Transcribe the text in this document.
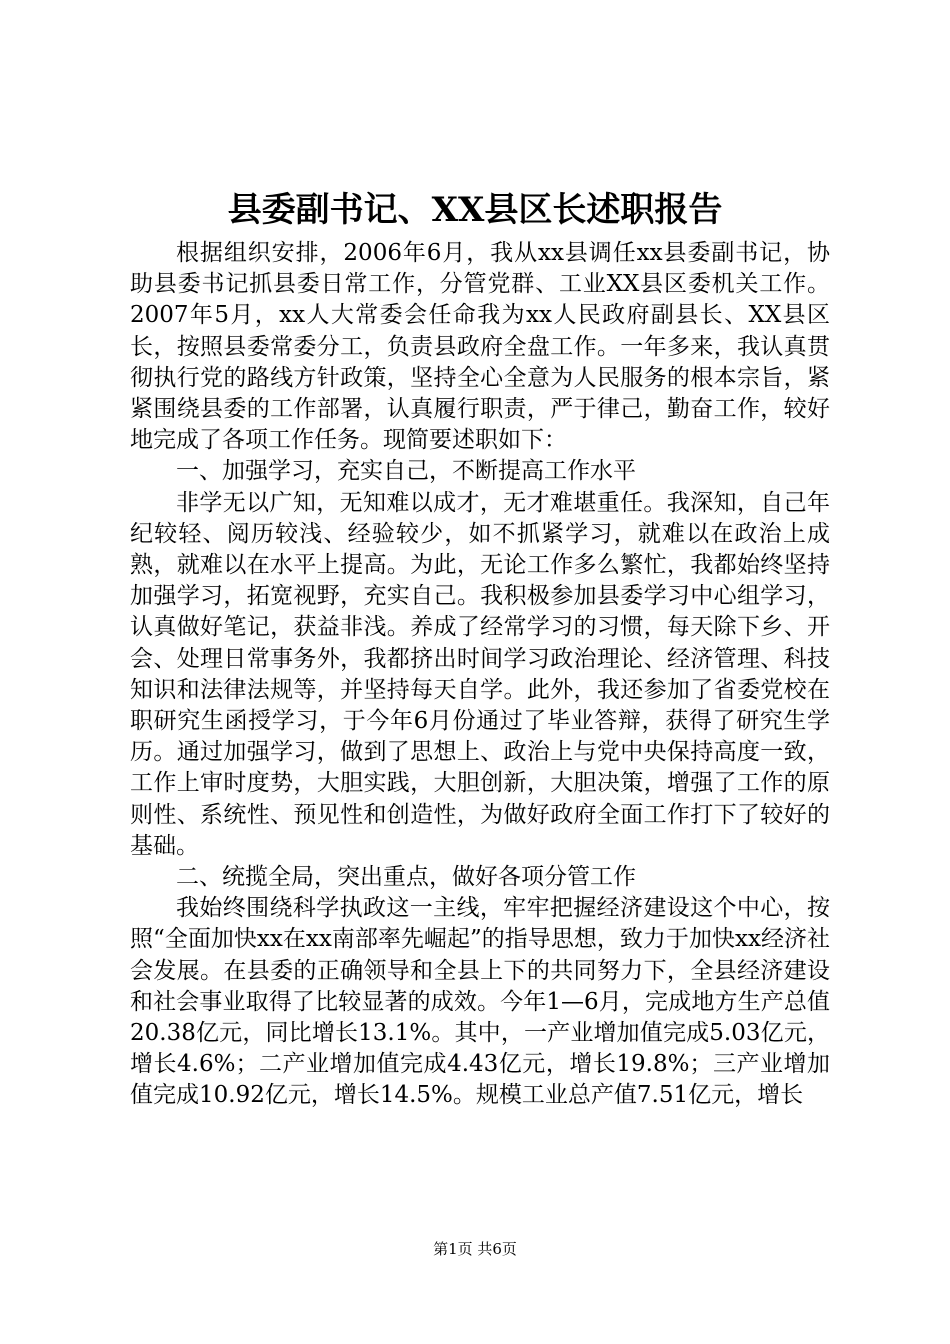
县委副书记、XX县区长述职报告

根据组织安排，2006年6月，我从xx县调任xx县委副书记，协助县委书记抓县委日常工作，分管党群、工业XX县区委机关工作。2007年5月，xx人大常委会任命我为xx人民政府副县长、XX县区长，按照县委常委分工，负责县政府全盘工作。一年多来，我认真贯彻执行党的路线方针政策，坚持全心全意为人民服务的根本宗旨，紧紧围绕县委的工作部署，认真履行职责，严于律己，勤奋工作，较好地完成了各项工作任务。现简要述职如下：

一、加强学习，充实自己，不断提高工作水平

非学无以广知，无知难以成才，无才难堪重任。我深知，自己年纪较轻、阅历较浅、经验较少，如不抓紧学习，就难以在政治上成熟，就难以在水平上提高。为此，无论工作多么繁忙，我都始终坚持加强学习，拓宽视野，充实自己。我积极参加县委学习中心组学习，认真做好笔记，获益非浅。养成了经常学习的习惯，每天除下乡、开会、处理日常事务外，我都挤出时间学习政治理论、经济管理、科技知识和法律法规等，并坚持每天自学。此外，我还参加了省委党校在职研究生函授学习，于今年6月份通过了毕业答辩，获得了研究生学历。通过加强学习，做到了思想上、政治上与党中央保持高度一致，工作上审时度势，大胆实践，大胆创新，大胆决策，增强了工作的原则性、系统性、预见性和创造性，为做好政府全面工作打下了较好的基础。

二、统揽全局，突出重点，做好各项分管工作

我始终围绕科学执政这一主线，牢牢把握经济建设这个中心，按照“全面加快xx在xx南部率先崛起”的指导思想，致力于加快xx经济社会发展。在县委的正确领导和全县上下的共同努力下，全县经济建设和社会事业取得了比较显著的成效。今年1—6月，完成地方生产总值20.38亿元，同比增长13.1%。其中，一产业增加值完成5.03亿元，增长4.6%；二产业增加值完成4.43亿元，增长19.8%；三产业增加值完成10.92亿元，增长14.5%。规模工业总产值7.51亿元，增长

第1页 共6页
